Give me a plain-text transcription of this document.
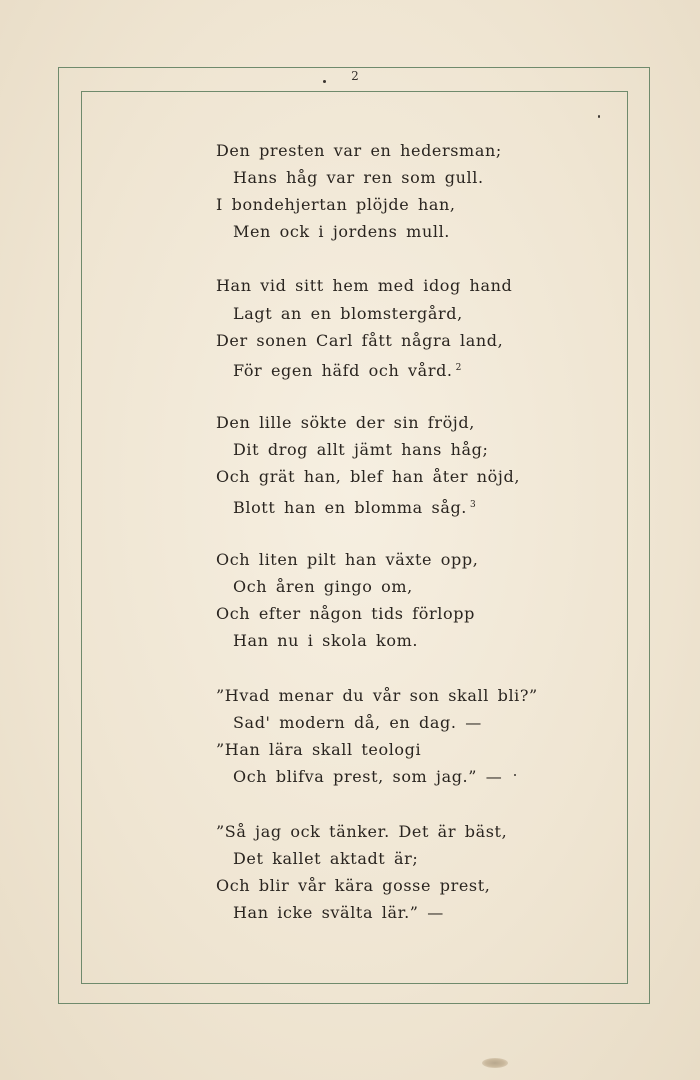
2
Den presten var en hedersman;
Hans håg var ren som gull.
I bondehjertan plöjde han,
Men ock i jordens mull.
Han vid sitt hem med idog hand
Lagt an en blomstergård,
Der sonen Carl fått några land,
För egen häfd och vård. $^2$
Den lille sökte der sin fröjd,
Dit drog allt jämt hans håg;
Och grät han, blef han åter nöjd,
Blott han en blomma såg. $^3$
Och liten pilt han växte opp,
Och åren gingo om,
Och efter någon tids förlopp
Han nu i skola kom.
”Hvad menar du vår son skall bli?”
Sad' modern då, en dag. —
”Han lära skall teologi
Och blifva prest, som jag.” —
”Så jag ock tänker. Det är bäst,
Det kallet aktadt är;
Och blir vår kära gosse prest,
Han icke svälta lär.” —
